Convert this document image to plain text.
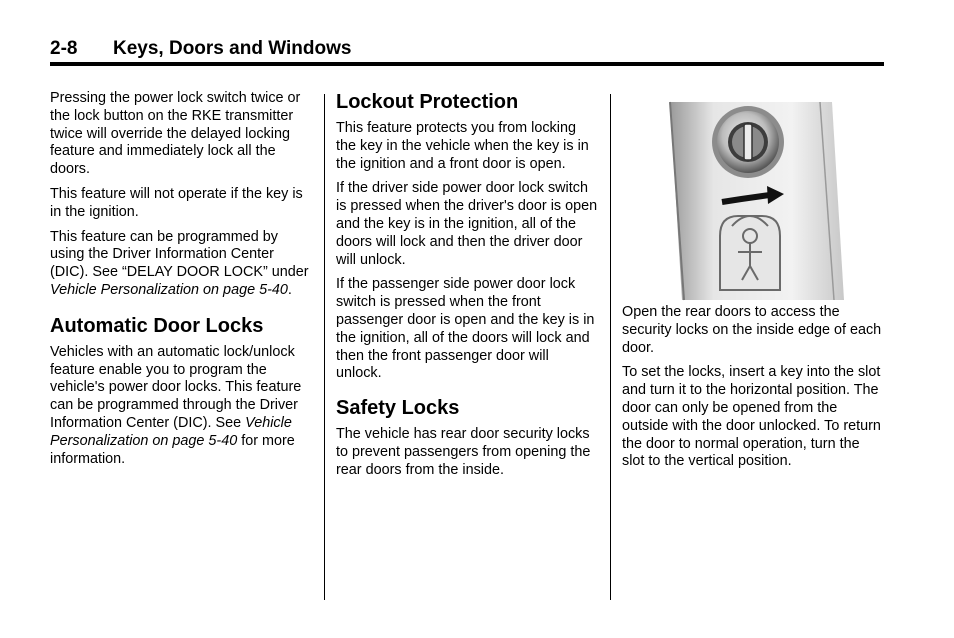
2-8 Keys, Doors and Windows

Pressing the power lock switch twice or the lock button on the RKE transmitter twice will override the delayed locking feature and immediately lock all the doors.

This feature will not operate if the key is in the ignition.

This feature can be programmed by using the Driver Information Center (DIC). See “DELAY DOOR LOCK” under Vehicle Personalization on page 5-40.

Automatic Door Locks

Vehicles with an automatic lock/unlock feature enable you to program the vehicle's power door locks. This feature can be programmed through the Driver Information Center (DIC). See Vehicle Personalization on page 5-40 for more information.

Lockout Protection

This feature protects you from locking the key in the vehicle when the key is in the ignition and a front door is open.

If the driver side power door lock switch is pressed when the driver's door is open and the key is in the ignition, all of the doors will lock and then the driver door will unlock.

If the passenger side power door lock switch is pressed when the front passenger door is open and the key is in the ignition, all of the doors will lock and then the front passenger door will unlock.

Safety Locks

The vehicle has rear door security locks to prevent passengers from opening the rear doors from the inside.

Open the rear doors to access the security locks on the inside edge of each door.

To set the locks, insert a key into the slot and turn it to the horizontal position. The door can only be opened from the outside with the door unlocked. To return the door to normal operation, turn the slot to the vertical position.
